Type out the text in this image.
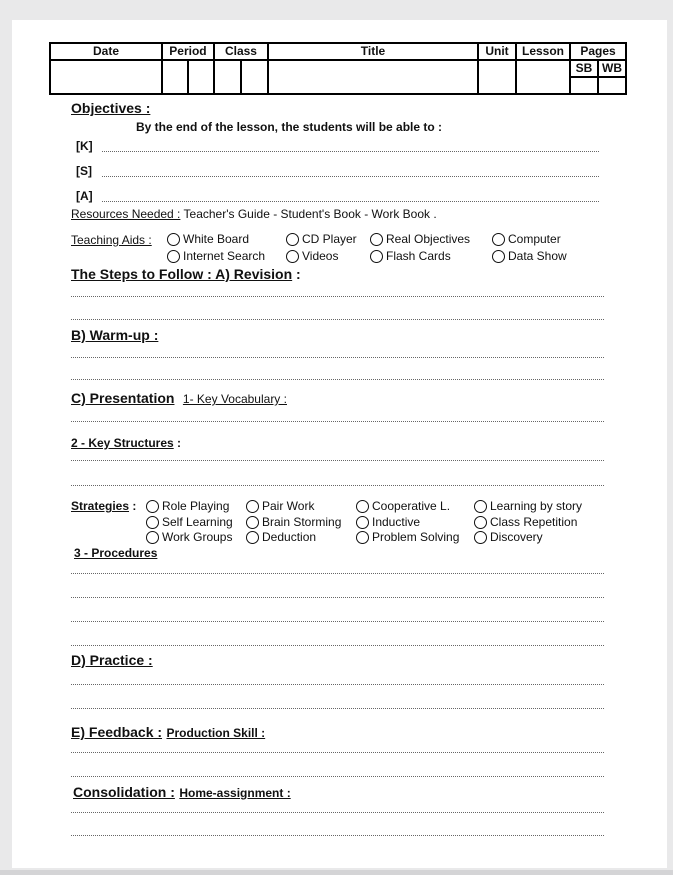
Date	Period		Class		Title	Unit	Lesson	Pages	
								SB	WB

Objectives :
By the end of the lesson, the students will be able to :
[K]
[S]
[A]
Resources Needed : Teacher's Guide - Student's Book - Work Book .
Teaching Aids :	White Board	CD Player	Real Objectives	Computer
Internet Search	Videos	Flash Cards	Data Show
The Steps to Follow : A) Revision :
B) Warm-up :
C) Presentation 1- Key Vocabulary :
2 - Key Structures :
Strategies :	Role Playing	Pair Work	Cooperative L.	Learning by story
Self Learning	Brain Storming	Inductive	Class Repetition
Work Groups	Deduction	Problem Solving	Discovery
3 - Procedures
D) Practice :
E) Feedback : Production Skill :
Consolidation : Home-assignment :
